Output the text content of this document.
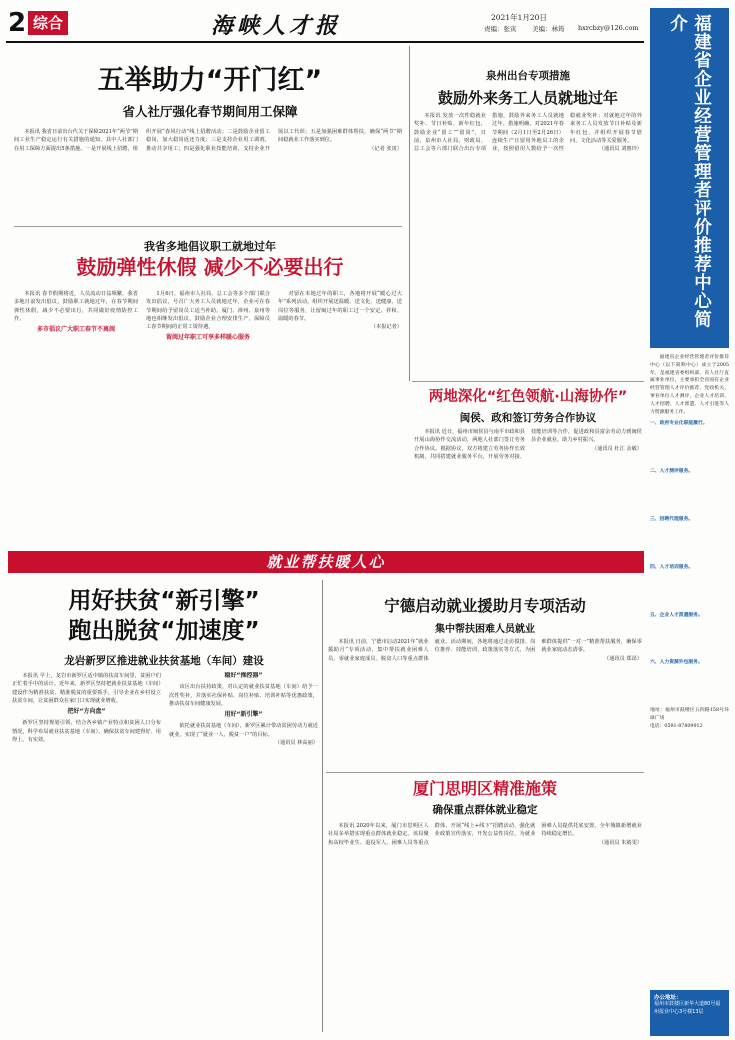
2 综合	海峡人才报	2021年1月20日
责编：张寅 美编：林筠 hxrcbzy@126.com	福建省企业经营管理者评价推荐中心简介

福建省企业经营管理者评价推荐中心（以下简称中心）成立于2005年，是福建省委组织部、省人社厅直属事业单位，主要承担全省国有企业经营管理人才评价推荐，党政机关、事业单位人才测评，企业人才培训、人才招聘、人才派遣、人才引进等人力资源服务工作。

一、政府专业化职能履行。

二、人才测评服务。

三、招聘代理服务。

四、人才培训服务。

五、企业人才派遣服务。

六、人力资源外包服务。

地址：福州市鼓楼区五四路158号环球广场

电话：0591-87809912

办公地址：
福州市鼓楼区新华大道80号福州报业中心3号楼13层
五举助力“开门红”
省人社厅强化春节期间用工保障

本报讯 我省日前出台代关于保障2021年“两节”期间工业生产稳定运行有关措施的通知，其中人社部门在用工保障方面提出5条措施。一是开展线上招聘，组织开展“春风行动”线上招聘活动；二是鼓励企业留工稳岗，加大稳岗返还力度；三是支持企业用工调剂，推动共享用工；四是强化职业技能培训，支持企业开展以工代训；五是加强困难群体帮扶，确保“两节”期间稳就业工作落实到位。

（记者 张寅）

泉州出台专项措施
鼓励外来务工人员就地过年

本报讯 发放一次性稳就业奖补、节日补贴，新年红包，鼓励企业“留工”“留岗”，日前，泉州市人社局、财政局、总工会等六部门联合出台专项措施，鼓励外来务工人员就地过年。措施明确，对2021年春节期间（2月1日至2月26日）连续生产且留用外地员工的企业，按照留用人数给予一次性稳就业奖补；对就地过年的外来务工人员发放节日补贴及新年红包，并组织开展春节慰问、文化活动等关爱服务。

（通讯员 刘惠玲）

我省多地倡议职工就地过年
鼓励弹性休假 减少不必要出行

本报讯 春节假期将近，人员流动日益频繁，我省多地日前发出倡议，鼓励职工就地过年，在春节期间弹性休假，减少不必要出行，共同做好疫情防控工作。

多市倡议广大职工春节不离闽

1月6日，福州市人社局、总工会等多个部门联合发出倡议，号召广大务工人员就地过年，企业可在春节期间给予留岗员工适当补助。厦门、漳州、泉州等地也相继发出倡议，鼓励企业合理安排生产，保障员工春节期间的正常工资待遇。

留闽过年职工可享多样暖心服务

对留在本地过年的职工，各地将开展“暖心过大年”系列活动，组织开展送温暖、送文化、送健康、送岗位等服务，让留闽过年的职工过一个安定、祥和、温暖的春节。

（本报记者）

两地深化“红色领航·山海协作”
闽侯、政和签订劳务合作协议

本报讯 近日，福州市闽侯县与南平市政和县开展山海协作交流活动，两地人社部门签订劳务合作协议。根据协议，双方将建立劳务协作长效机制，共同搭建就业服务平台，开展劳务对接、技能培训等合作，促进政和县富余劳动力到闽侯县企业就业，助力乡村振兴。

（通讯员 杜江 余敏）

就业帮扶暖人心
用好扶贫“新引擎”
跑出脱贫“加速度”
龙岩新罗区推进就业扶贫基地（车间）建设

本报讯 早上，龙岩市新罗区适中镇的扶贫车间里，贫困户们正忙着手中的活计。近年来，新罗区坚持把就业扶贫基地（车间）建设作为精准扶贫、精准脱贫的重要抓手，引导企业在乡村设立扶贫车间，让贫困群众在家门口实现就业增收。

把好“方向盘”

新罗区坚持规划引领，结合各乡镇产业特点和贫困人口分布情况，科学布局就业扶贫基地（车间），确保扶贫车间建得好、用得上、有实效。

稳好“操控器”

该区出台扶持政策，对认定的就业扶贫基地（车间）给予一次性奖补，并落实社保补贴、岗位补贴、培训补贴等优惠政策，推动扶贫车间健康发展。

用好“新引擎”

依托就业扶贫基地（车间），新罗区累计带动贫困劳动力就近就业，实现了“就业一人、脱贫一户”的目标。

（通讯员 林高丽）

宁德启动就业援助月专项活动
集中帮扶困难人员就业

本报讯 日前，宁德市启动2021年“就业援助月”专项活动，集中帮扶就业困难人员、零就业家庭成员、脱贫人口等重点群体就业。活动期间，各地将通过走访摸排、岗位推荐、技能培训、政策落实等方式，为困难群体提供“一对一”精准帮扶服务，确保零就业家庭动态清零。

（通讯员 郑昂）

厦门思明区精准施策
确保重点群体就业稳定

本报讯 2020年以来，厦门市思明区人社局多举措实现重点群体就业稳定。该局聚焦高校毕业生、退役军人、困难人员等重点群体，开展“线上+线下”招聘活动，强化就业政策宣传落实，开发公益性岗位，为就业困难人员提供托底安置，全年城镇新增就业持续稳定增长。

（通讯员 朱婧雯）
